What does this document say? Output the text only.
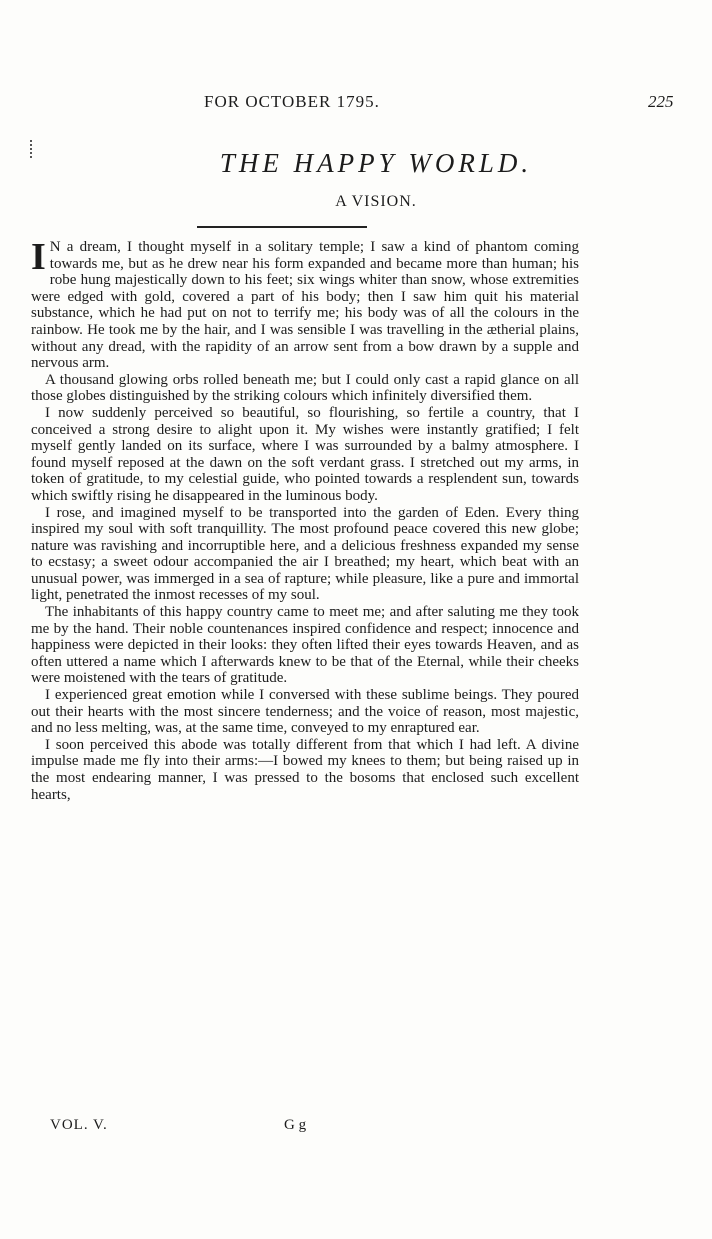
FOR OCTOBER 1795.	225
THE HAPPY WORLD.
A VISION.

I N a dream, I thought myself in a solitary temple; I saw a kind of phantom coming towards me, but as he drew near his form expanded and became more than human; his robe hung majestically down to his feet; six wings whiter than snow, whose extremities were edged with gold, covered a part of his body; then I saw him quit his material substance, which he had put on not to terrify me; his body was of all the colours in the rainbow. He took me by the hair, and I was sensible I was travelling in the ætherial plains, without any dread, with the rapidity of an arrow sent from a bow drawn by a supple and nervous arm.

A thousand glowing orbs rolled beneath me; but I could only cast a rapid glance on all those globes distinguished by the striking colours which infinitely diversified them.

I now suddenly perceived so beautiful, so flourishing, so fertile a country, that I conceived a strong desire to alight upon it. My wishes were instantly gratified; I felt myself gently landed on its surface, where I was surrounded by a balmy atmosphere. I found myself reposed at the dawn on the soft verdant grass. I stretched out my arms, in token of gratitude, to my celestial guide, who pointed towards a resplendent sun, towards which swiftly rising he disappeared in the luminous body.

I rose, and imagined myself to be transported into the garden of Eden. Every thing inspired my soul with soft tranquillity. The most profound peace covered this new globe; nature was ravishing and incorruptible here, and a delicious freshness expanded my sense to ecstasy; a sweet odour accompanied the air I breathed; my heart, which beat with an unusual power, was immerged in a sea of rapture; while pleasure, like a pure and immortal light, penetrated the inmost recesses of my soul.

The inhabitants of this happy country came to meet me; and after saluting me they took me by the hand. Their noble countenances inspired confidence and respect; innocence and happiness were depicted in their looks: they often lifted their eyes towards Heaven, and as often uttered a name which I afterwards knew to be that of the Eternal, while their cheeks were moistened with the tears of gratitude.

I experienced great emotion while I conversed with these sublime beings. They poured out their hearts with the most sincere tenderness; and the voice of reason, most majestic, and no less melting, was, at the same time, conveyed to my enraptured ear.

I soon perceived this abode was totally different from that which I had left. A divine impulse made me fly into their arms:—I bowed my knees to them; but being raised up in the most endearing manner, I was pressed to the bosoms that enclosed such excellent hearts,

VOL. V.	G g
